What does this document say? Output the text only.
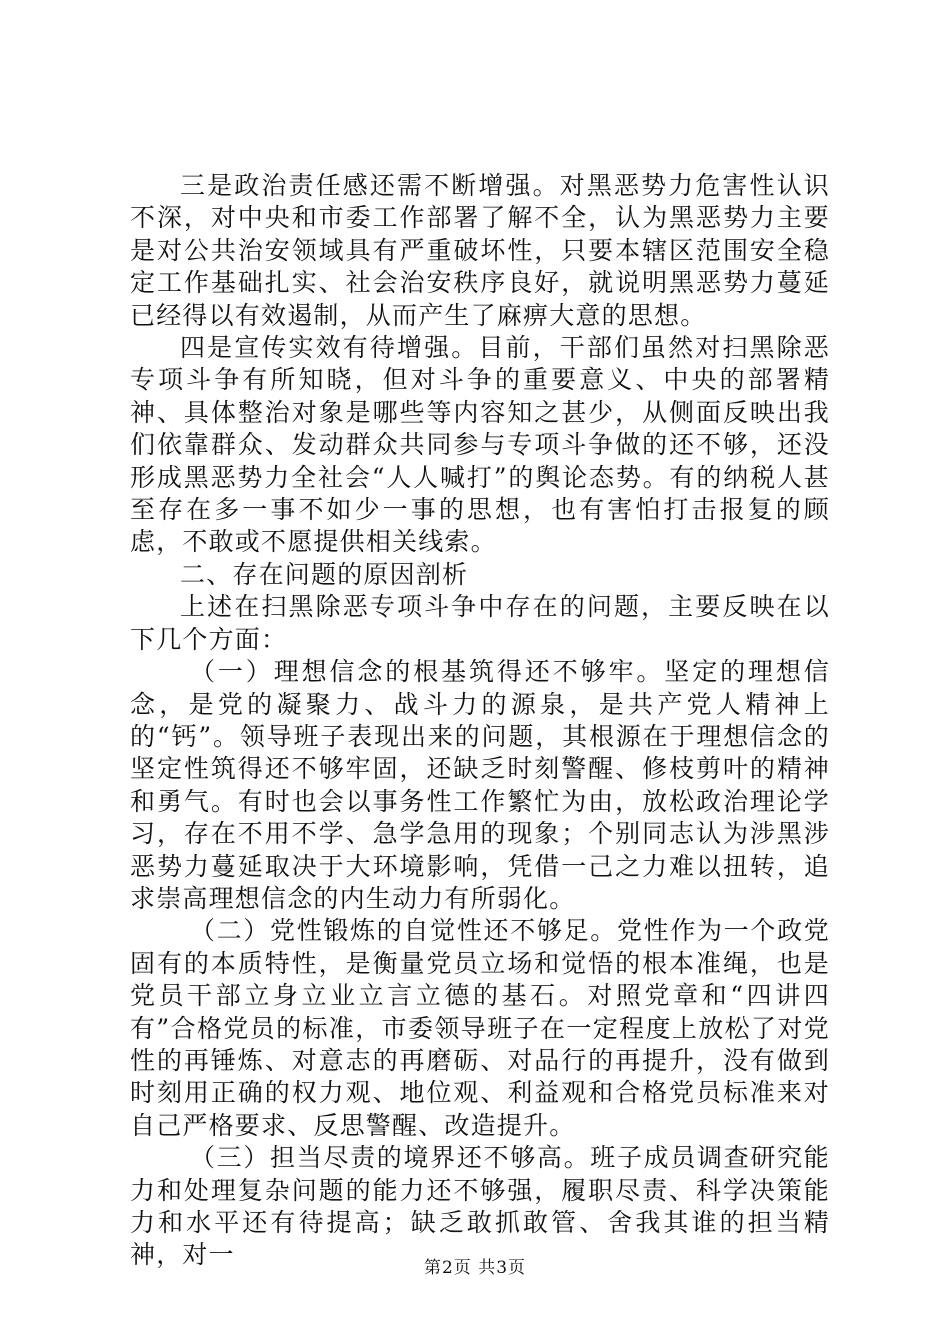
三是政治责任感还需不断增强。对黑恶势力危害性认识不深，对中央和市委工作部署了解不全，认为黑恶势力主要是对公共治安领域具有严重破坏性，只要本辖区范围安全稳定工作基础扎实、社会治安秩序良好，就说明黑恶势力蔓延已经得以有效遏制，从而产生了麻痹大意的思想。

四是宣传实效有待增强。目前，干部们虽然对扫黑除恶专项斗争有所知晓，但对斗争的重要意义、中央的部署精神、具体整治对象是哪些等内容知之甚少，从侧面反映出我们依靠群众、发动群众共同参与专项斗争做的还不够，还没形成黑恶势力全社会“人人喊打”的舆论态势。有的纳税人甚至存在多一事不如少一事的思想，也有害怕打击报复的顾虑，不敢或不愿提供相关线索。

二、存在问题的原因剖析

上述在扫黑除恶专项斗争中存在的问题，主要反映在以下几个方面：

（一）理想信念的根基筑得还不够牢。坚定的理想信念，是党的凝聚力、战斗力的源泉，是共产党人精神上的“钙”。领导班子表现出来的问题，其根源在于理想信念的坚定性筑得还不够牢固，还缺乏时刻警醒、修枝剪叶的精神和勇气。有时也会以事务性工作繁忙为由，放松政治理论学习，存在不用不学、急学急用的现象；个别同志认为涉黑涉恶势力蔓延取决于大环境影响，凭借一己之力难以扭转，追求崇高理想信念的内生动力有所弱化。

（二）党性锻炼的自觉性还不够足。党性作为一个政党固有的本质特性，是衡量党员立场和觉悟的根本准绳，也是党员干部立身立业立言立德的基石。对照党章和“四讲四有”合格党员的标准，市委领导班子在一定程度上放松了对党性的再锤炼、对意志的再磨砺、对品行的再提升，没有做到时刻用正确的权力观、地位观、利益观和合格党员标准来对自己严格要求、反思警醒、改造提升。

（三）担当尽责的境界还不够高。班子成员调查研究能力和处理复杂问题的能力还不够强，履职尽责、科学决策能力和水平还有待提高；缺乏敢抓敢管、舍我其谁的担当精神，对一	第2页 共3页
